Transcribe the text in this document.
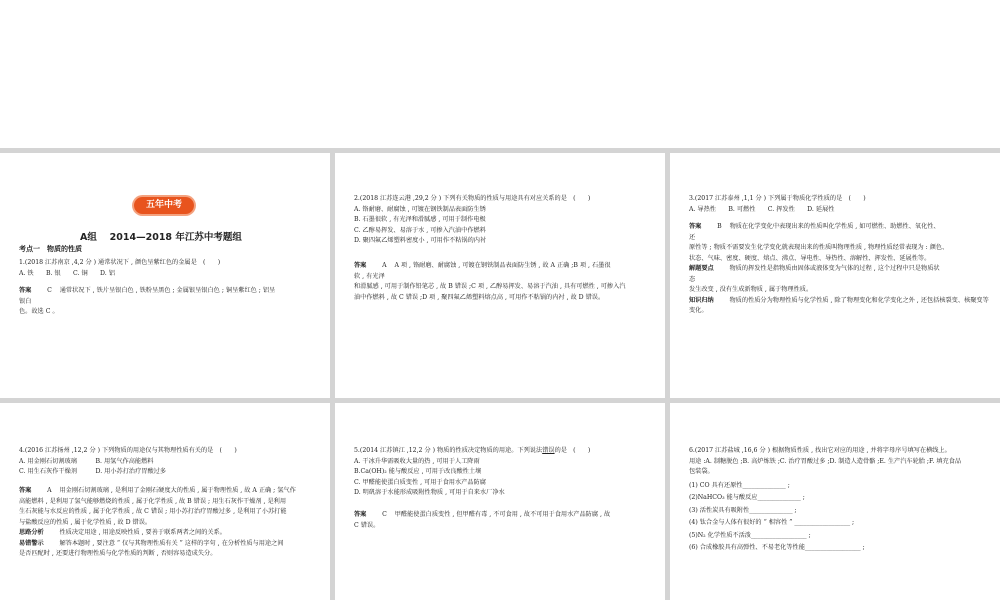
五年中考
A组　 2014—2018 年江苏中考题组
考点一　物质的性质
1.(2018 江苏南京 ,4,2 分 ) 通常状况下 , 颜色呈紫红色的金属是　(　　)
A. 铁　　B. 银　　C. 铜　　D. 铝
答案	C 通常状况下 , 铁片呈银白色 , 铁粉呈黑色 ; 金属银呈银白色 ; 铜呈紫红色 ; 铝呈
银白
色。故选 C 。
2.(2018 江苏连云港 ,29,2 分 ) 下列有关物质的性质与用途具有对应关系的是　(　　)
A. 铬耐磨、耐腐蚀 , 可镀在钢铁制品表面防生锈
B. 石墨很软 , 有光泽和滑腻感 , 可用于制作电极
C. 乙醇易挥发、易溶于水 , 可掺入汽油中作燃料
D. 聚四氟乙烯塑料密度小 , 可用作不粘锅的内衬
答案	A A 项 , 铬耐磨、耐腐蚀 , 可镀在钢铁制品表面防生锈 , 故 A 正确 ;B 项 , 石墨很
软 , 有光泽
和滑腻感 , 可用于制作铅笔芯 , 故 B 错误 ;C 项 , 乙醇易挥发、易溶于汽油 , 具有可燃性 , 可掺入汽
油中作燃料 , 故 C 错误 ;D 项 , 聚四氟乙烯塑料熔点高 , 可用作不粘锅的内衬 , 故 D 错误。
3.(2017 江苏泰州 ,1,1 分 ) 下列属于物质化学性质的是　(　　)
A. 导热性　　B. 可燃性　　C. 挥发性　　D. 延展性
答案	B 物质在化学变化中表现出来的性质叫化学性质 , 如可燃性、助燃性、氧化性、
还
原性等 ; 物质不需要发生化学变化就表现出来的性质叫物理性质 , 物理性质经常表现为 : 颜色、
状态、气味、密度、硬度、熔点、沸点、导电性、导热性、溶解性、挥发性、延展性等。
解题要点	物质的挥发性是指物质由固体或液体变为气体的过程 , 这个过程中只是物质状
态
发生改变 , 没有生成新物质 , 属于物理性质。
知识归纳	物质的性质分为物理性质与化学性质 , 除了物理变化和化学变化之外 , 还包括核裂变、核聚变等
变化。
4.(2016 江苏扬州 ,12,2 分 ) 下列物质的用途仅与其物理性质有关的是　(　　)
A. 用金刚石切割玻璃　　　B. 用氢气作高能燃料
C. 用生石灰作干燥剂　　　D. 用小苏打治疗胃酸过多
答案	A 用金刚石切割玻璃 , 是利用了金刚石硬度大的性质 , 属于物理性质 , 故 A 正确 ; 氢气作
高能燃料 , 是利用了氢气能够燃烧的性质 , 属于化学性质 , 故 B 错误 ; 用生石灰作干燥剂 , 是利用
生石灰能与水反应的性质 , 属于化学性质 , 故 C 错误 ; 用小苏打治疗胃酸过多 , 是利用了小苏打能
与盐酸反应的性质 , 属于化学性质 , 故 D 错误。
思路分析	性质决定用途 , 用途反映性质 , 要善于联系两者之间的关系。
易错警示	解答本题时 , 要注意 “ 仅与其物理性质有关 ” 这样的字句 , 在分析性质与用途之间
是否匹配时 , 还要进行物理性质与化学性质的判断 , 否则容易造成失分。
5.(2014 江苏镇江 ,12,2 分 ) 物质的性质决定物质的用途。下列说法错误的是　(　　)
A. 干冰升华需吸收大量的热 , 可用于人工降雨
B.Ca(OH)₂ 能与酸反应 , 可用于改良酸性土壤
C. 甲醛能使蛋白质变性 , 可用于食用水产品防腐
D. 明矾溶于水能形成吸附性物质 , 可用于自来水厂净水
答案	C 甲醛能使蛋白质变性 , 但甲醛有毒 , 不可食用 , 故不可用于食用水产品防腐 , 故
C 错误。
6.(2017 江苏盐城 ,16,6 分 ) 根据物质性质 , 找出它对应的用途 , 并将字母序号填写在横线上。
用途 :A. 制糖脱色 ;B. 高炉炼铁 ;C. 治疗胃酸过多 ;D. 制造人造骨骼 ;E. 生产汽车轮胎 ;F. 填充食品
包装袋。
(1) CO 具有还原性______________ ;
(2)NaHCO₃ 能与酸反应______________ ;
(3) 活性炭具有吸附性______________ ;
(4) 钛合金与人体有很好的 “ 相容性 ” __________________ ;
(5)N₂ 化学性质不活泼__________________ ;
(6) 合成橡胶具有高弹性、不易老化等性能__________________ ;
